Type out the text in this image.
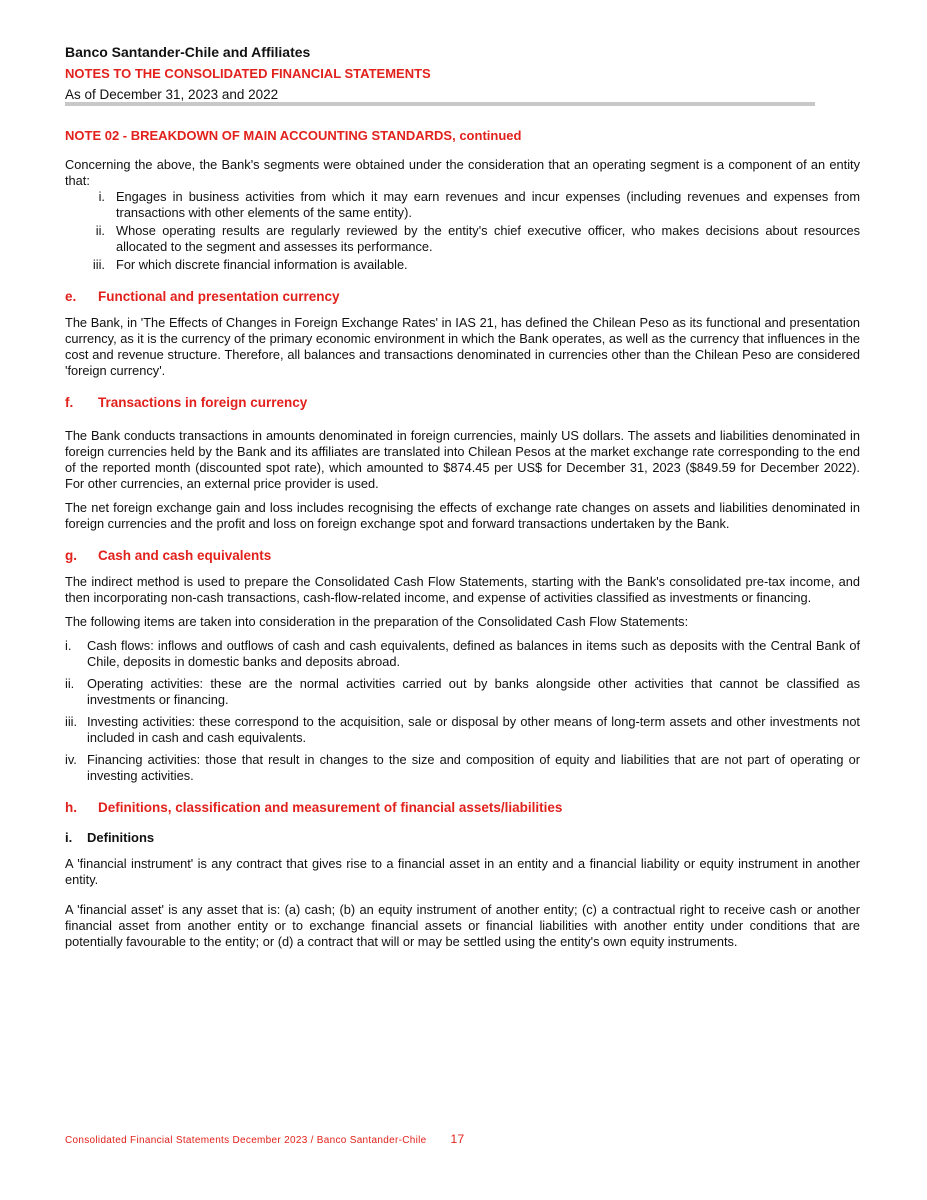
Banco Santander-Chile and Affiliates
NOTES TO THE CONSOLIDATED FINANCIAL STATEMENTS
As of December 31, 2023 and 2022
NOTE 02 - BREAKDOWN OF MAIN ACCOUNTING STANDARDS, continued

Concerning the above, the Bank's segments were obtained under the consideration that an operating segment is a component of an entity that:

i. Engages in business activities from which it may earn revenues and incur expenses (including revenues and expenses from transactions with other elements of the same entity).
ii. Whose operating results are regularly reviewed by the entity's chief executive officer, who makes decisions about resources allocated to the segment and assesses its performance.
iii. For which discrete financial information is available.
e.	Functional and presentation currency

The Bank, in 'The Effects of Changes in Foreign Exchange Rates' in IAS 21, has defined the Chilean Peso as its functional and presentation currency, as it is the currency of the primary economic environment in which the Bank operates, as well as the currency that influences in the cost and revenue structure. Therefore, all balances and transactions denominated in currencies other than the Chilean Peso are considered 'foreign currency'.

f.	Transactions in foreign currency

The Bank conducts transactions in amounts denominated in foreign currencies, mainly US dollars. The assets and liabilities denominated in foreign currencies held by the Bank and its affiliates are translated into Chilean Pesos at the market exchange rate corresponding to the end of the reported month (discounted spot rate), which amounted to $874.45 per US$ for December 31, 2023 ($849.59 for December 2022). For other currencies, an external price provider is used.

The net foreign exchange gain and loss includes recognising the effects of exchange rate changes on assets and liabilities denominated in foreign currencies and the profit and loss on foreign exchange spot and forward transactions undertaken by the Bank.

g.	Cash and cash equivalents

The indirect method is used to prepare the Consolidated Cash Flow Statements, starting with the Bank's consolidated pre-tax income, and then incorporating non-cash transactions, cash-flow-related income, and expense of activities classified as investments or financing.

The following items are taken into consideration in the preparation of the Consolidated Cash Flow Statements:

i.	Cash flows: inflows and outflows of cash and cash equivalents, defined as balances in items such as deposits with the Central Bank of Chile, deposits in domestic banks and deposits abroad.
ii. Operating activities: these are the normal activities carried out by banks alongside other activities that cannot be classified as investments or financing.
iii. Investing activities: these correspond to the acquisition, sale or disposal by other means of long-term assets and other investments not included in cash and cash equivalents.
iv. Financing activities: those that result in changes to the size and composition of equity and liabilities that are not part of operating or investing activities.
h.	Definitions, classification and measurement of financial assets/liabilities
i.	Definitions

A 'financial instrument' is any contract that gives rise to a financial asset in an entity and a financial liability or equity instrument in another entity.

A 'financial asset' is any asset that is: (a) cash; (b) an equity instrument of another entity; (c) a contractual right to receive cash or another financial asset from another entity or to exchange financial assets or financial liabilities with another entity under conditions that are potentially favourable to the entity; or (d) a contract that will or may be settled using the entity's own equity instruments.

Consolidated Financial Statements December 2023 / Banco Santander-Chile 17
